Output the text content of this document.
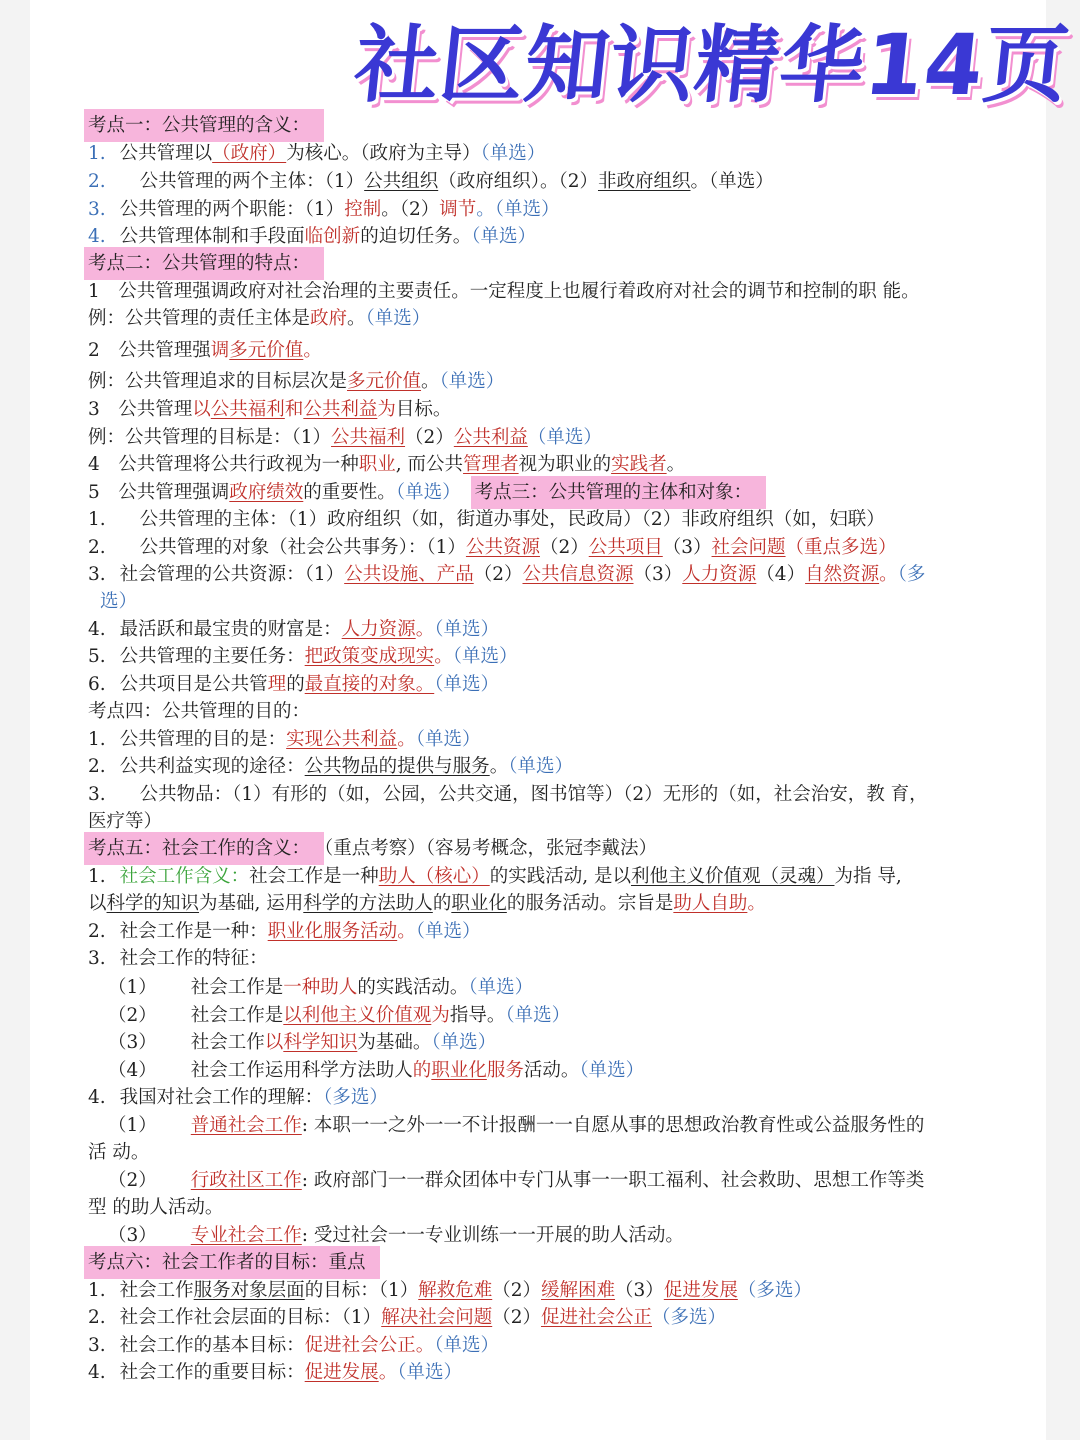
社区知识精华14页
考点一：公共管理的含义：
1. 公共管理以（政府）为核心。（政府为主导）（单选）
2. 公共管理的两个主体：（1）公共组织（政府组织）。（2）非政府组织。（单选）
3. 公共管理的两个职能：（1）控制。（2）调节。（单选）
4. 公共管理体制和手段面临创新的迫切任务。（单选）
考点二：公共管理的特点：
1　公共管理强调政府对社会治理的主要责任。一定程度上也履行着政府对社会的调节和控制的职 能。
例：公共管理的责任主体是政府。（单选）
2　公共管理强调多元价值。
例：公共管理追求的目标层次是多元价值。（单选）
3　公共管理以公共福利和公共利益为目标。
例：公共管理的目标是：（1）公共福利（2）公共利益（单选）
4　公共管理将公共行政视为一种职业, 而公共管理者视为职业的实践者。
5　公共管理强调政府绩效的重要性。（单选） 考点三：公共管理的主体和对象：
1. 公共管理的主体：（1）政府组织（如，街道办事处，民政局）（2）非政府组织（如，妇联）
2. 公共管理的对象（社会公共事务）：（1）公共资源（2）公共项目（3）社会问题（重点多选）
3. 社会管理的公共资源：（1）公共设施、产品（2）公共信息资源（3）人力资源（4）自然资源。（多
选）
4. 最活跃和最宝贵的财富是：人力资源。（单选）
5. 公共管理的主要任务：把政策变成现实。（单选）
6. 公共项目是公共管理的最直接的对象。（单选）
考点四：公共管理的目的：
1. 公共管理的目的是：实现公共利益。（单选）
2. 公共利益实现的途径：公共物品的提供与服务。（单选）
3. 公共物品：（1）有形的（如，公园，公共交通，图书馆等）（2）无形的（如，社会治安，教 育，
医疗等）
考点五：社会工作的含义： （重点考察）（容易考概念，张冠李戴法）
1. 社会工作含义：社会工作是一种助人（核心）的实践活动, 是以利他主义价值观（灵魂）为指 导,
以科学的知识为基础, 运用科学的方法助人的职业化的服务活动。宗旨是助人自助。
2. 社会工作是一种：职业化服务活动。（单选）
3. 社会工作的特征：
（1） 社会工作是一种助人的实践活动。（单选）
（2） 社会工作是以利他主义价值观为指导。（单选）
（3） 社会工作以科学知识为基础。（单选）
（4） 社会工作运用科学方法助人的职业化服务活动。（单选）
4. 我国对社会工作的理解：（多选）
（1） 普通社会工作: 本职一一之外一一不计报酬一一自愿从事的思想政治教育性或公益服务性的
活 动。
（2） 行政社区工作: 政府部门一一群众团体中专门从事一一职工福利、社会救助、思想工作等类
型 的助人活动。
（3） 专业社会工作: 受过社会一一专业训练一一开展的助人活动。
考点六：社会工作者的目标：重点
1. 社会工作服务对象层面的目标：（1）解救危难（2）缓解困难（3）促进发展（多选）
2. 社会工作社会层面的目标：（1）解决社会问题（2）促进社会公正（多选）
3. 社会工作的基本目标：促进社会公正。（单选）
4. 社会工作的重要目标：促进发展。（单选）
